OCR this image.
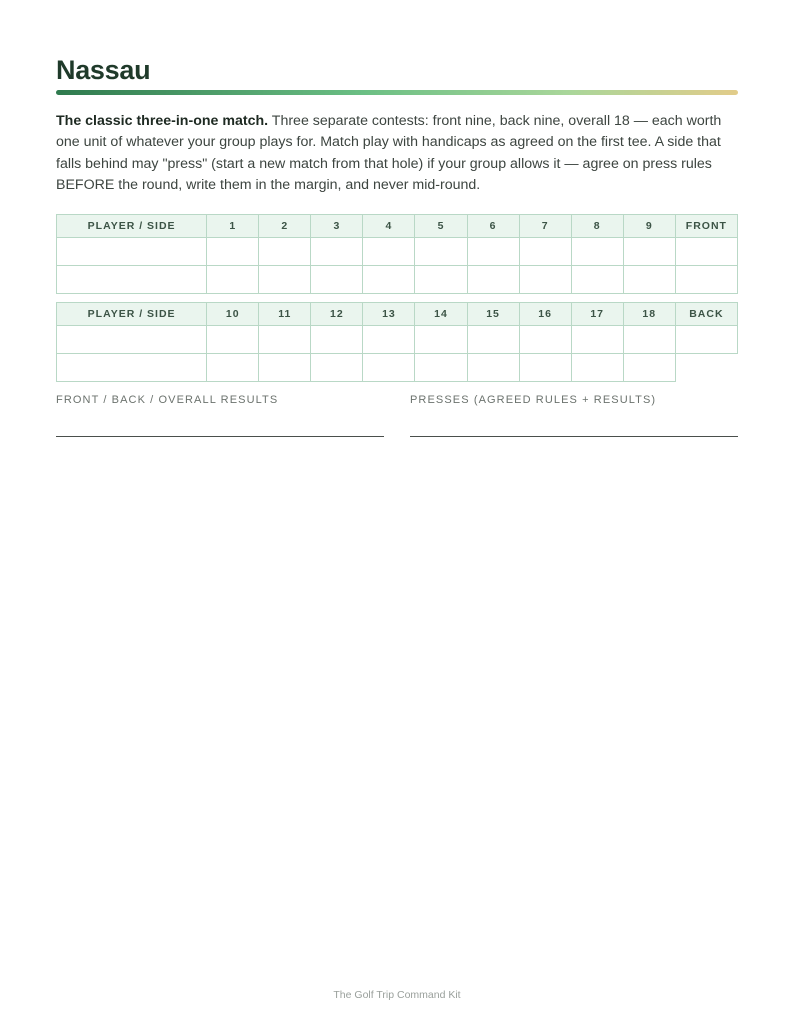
Nassau

The classic three-in-one match. Three separate contests: front nine, back nine, overall 18 — each worth one unit of whatever your group plays for. Match play with handicaps as agreed on the first tee. A side that falls behind may "press" (start a new match from that hole) if your group allows it — agree on press rules BEFORE the round, write them in the margin, and never mid-round.

PLAYER / SIDE	1	2	3	4	5	6	7	8	9	FRONT

PLAYER / SIDE	10	11	12	13	14	15	16	17	18	BACK

FRONT / BACK / OVERALL RESULTS	PRESSES (AGREED RULES + RESULTS)
The Golf Trip Command Kit
